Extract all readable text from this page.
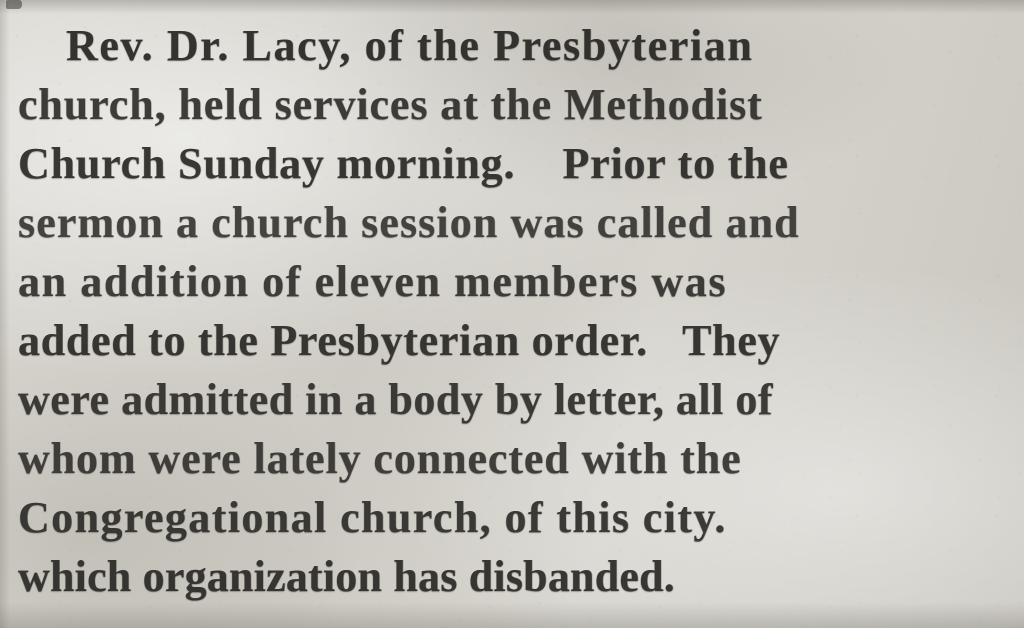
Rev. Dr. Lacy, of the Presbyterian
church, held services at the Methodist
Church Sunday morning.    Prior to the
sermon a church session was called and
an addition of eleven members was
added to the Presbyterian order.   They
were admitted in a body by letter, all of
whom were lately connected with the
Congregational church, of this city.
which organization has disbanded.
